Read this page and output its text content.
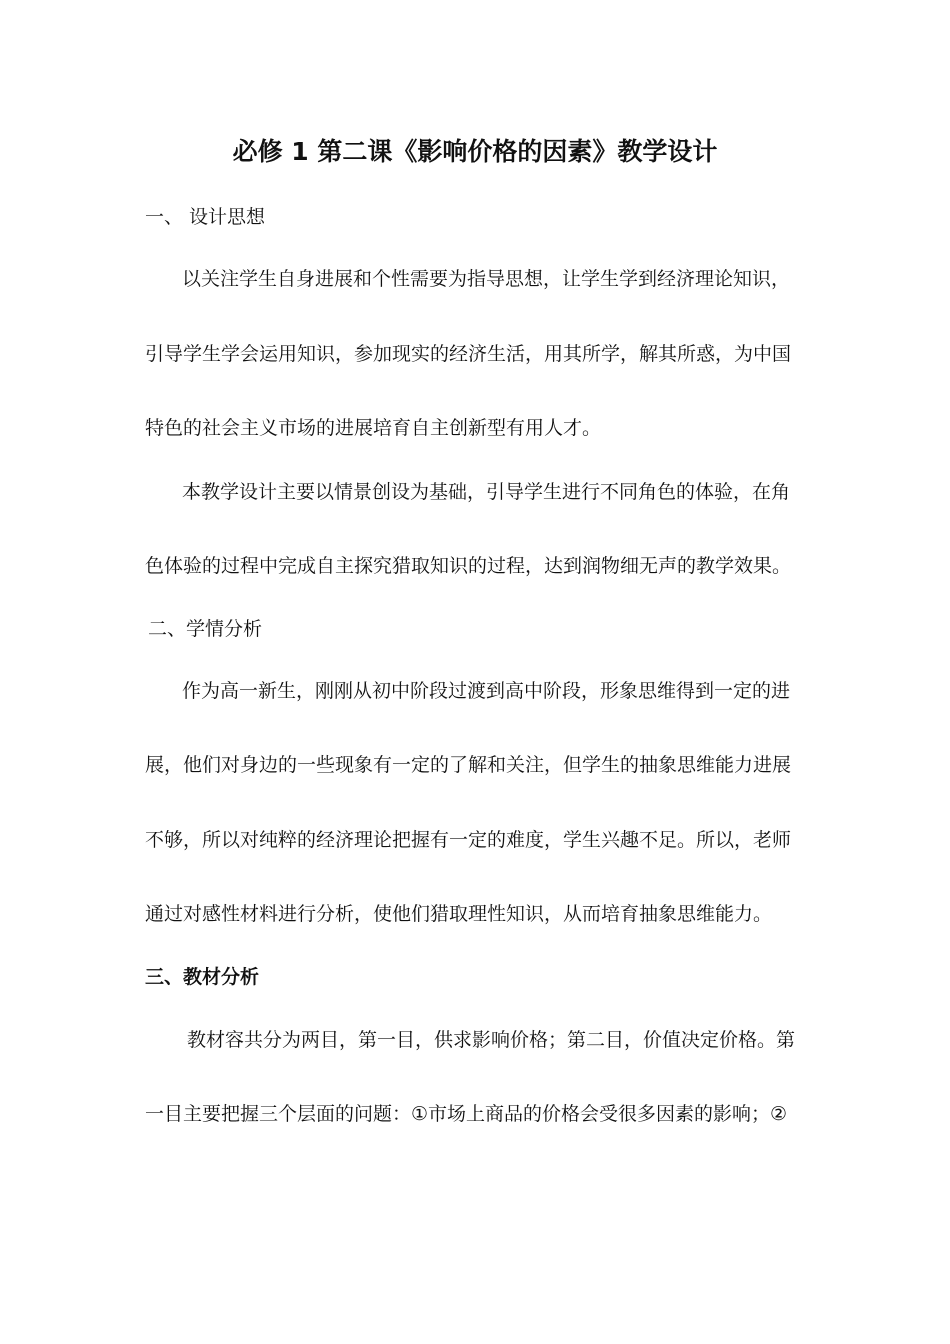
必修 1 第二课《影响价格的因素》教学设计
一、 设计思想
以关注学生自身进展和个性需要为指导思想，让学生学到经济理论知识，
引导学生学会运用知识，参加现实的经济生活，用其所学，解其所惑，为中国
特色的社会主义市场的进展培育自主创新型有用人才。
本教学设计主要以情景创设为基础，引导学生进行不同角色的体验，在角
色体验的过程中完成自主探究猎取知识的过程，达到润物细无声的教学效果。
二、学情分析
作为高一新生，刚刚从初中阶段过渡到高中阶段，形象思维得到一定的进
展，他们对身边的一些现象有一定的了解和关注，但学生的抽象思维能力进展
不够，所以对纯粹的经济理论把握有一定的难度，学生兴趣不足。所以，老师
通过对感性材料进行分析，使他们猎取理性知识，从而培育抽象思维能力。
三、教材分析
教材容共分为两目，第一目，供求影响价格；第二目，价值决定价格。第
一目主要把握三个层面的问题：①市场上商品的价格会受很多因素的影响；②
